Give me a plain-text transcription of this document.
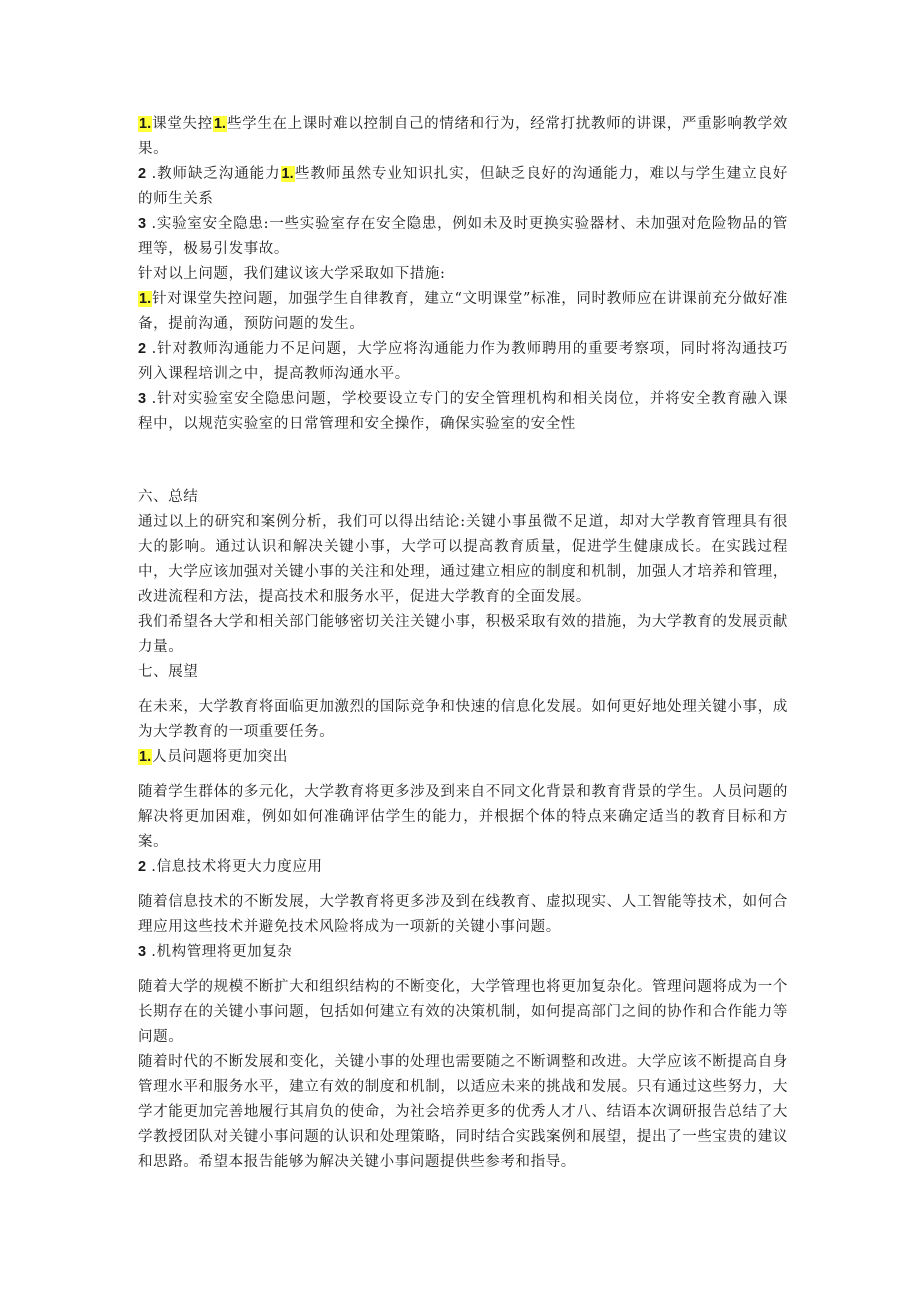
1.课堂失控1.些学生在上课时难以控制自己的情绪和行为，经常打扰教师的讲课，严重影响教学效果。

2 .教师缺乏沟通能力1.些教师虽然专业知识扎实，但缺乏良好的沟通能力，难以与学生建立良好的师生关系

3 .实验室安全隐患:一些实验室存在安全隐患，例如未及时更换实验器材、未加强对危险物品的管理等，极易引发事故。

针对以上问题，我们建议该大学采取如下措施:

1.针对课堂失控问题，加强学生自律教育，建立“文明课堂”标准，同时教师应在讲课前充分做好准备，提前沟通，预防问题的发生。

2 .针对教师沟通能力不足问题，大学应将沟通能力作为教师聘用的重要考察项，同时将沟通技巧列入课程培训之中，提高教师沟通水平。

3 .针对实验室安全隐患问题，学校要设立专门的安全管理机构和相关岗位，并将安全教育融入课程中，以规范实验室的日常管理和安全操作，确保实验室的安全性

六、总结

通过以上的研究和案例分析，我们可以得出结论:关键小事虽微不足道，却对大学教育管理具有很大的影响。通过认识和解决关键小事，大学可以提高教育质量，促进学生健康成长。在实践过程中，大学应该加强对关键小事的关注和处理，通过建立相应的制度和机制，加强人才培养和管理，改进流程和方法，提高技术和服务水平，促进大学教育的全面发展。

我们希望各大学和相关部门能够密切关注关键小事，积极采取有效的措施，为大学教育的发展贡献力量。

七、展望

在未来，大学教育将面临更加激烈的国际竞争和快速的信息化发展。如何更好地处理关键小事，成为大学教育的一项重要任务。

1.人员问题将更加突出

随着学生群体的多元化，大学教育将更多涉及到来自不同文化背景和教育背景的学生。人员问题的解决将更加困难，例如如何准确评估学生的能力，并根据个体的特点来确定适当的教育目标和方案。

2 .信息技术将更大力度应用

随着信息技术的不断发展，大学教育将更多涉及到在线教育、虚拟现实、人工智能等技术，如何合理应用这些技术并避免技术风险将成为一项新的关键小事问题。

3 .机构管理将更加复杂

随着大学的规模不断扩大和组织结构的不断变化，大学管理也将更加复杂化。管理问题将成为一个长期存在的关键小事问题，包括如何建立有效的决策机制，如何提高部门之间的协作和合作能力等问题。

随着时代的不断发展和变化，关键小事的处理也需要随之不断调整和改进。大学应该不断提高自身管理水平和服务水平，建立有效的制度和机制，以适应未来的挑战和发展。只有通过这些努力，大学才能更加完善地履行其肩负的使命，为社会培养更多的优秀人才八、结语本次调研报告总结了大学教授团队对关键小事问题的认识和处理策略，同时结合实践案例和展望，提出了一些宝贵的建议和思路。希望本报告能够为解决关键小事问题提供些参考和指导。
